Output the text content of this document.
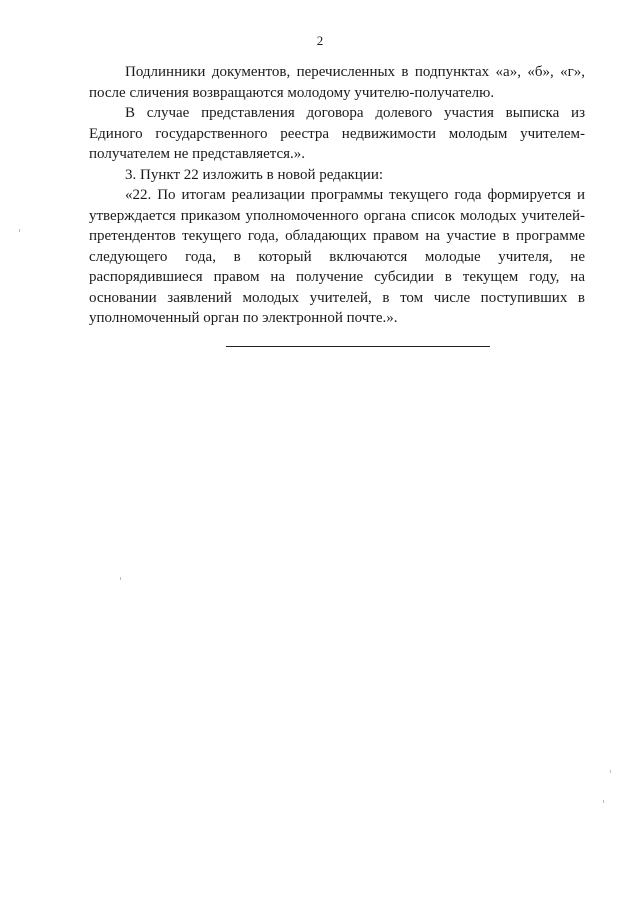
2

Подлинники документов, перечисленных в подпунктах «а», «б», «г», после сличения возвращаются молодому учителю-получателю.

В случае представления договора долевого участия выписка из Единого государственного реестра недвижимости молодым учителем-получателем не представляется.».

3. Пункт 22 изложить в новой редакции:

«22. По итогам реализации программы текущего года формируется и утверждается приказом уполномоченного органа список молодых учителей-претендентов текущего года, обладающих правом на участие в программе следующего года, в который включаются молодые учителя, не распорядившиеся правом на получение субсидии в текущем году, на основании заявлений молодых учителей, в том числе поступивших в уполномоченный орган по электронной почте.».
